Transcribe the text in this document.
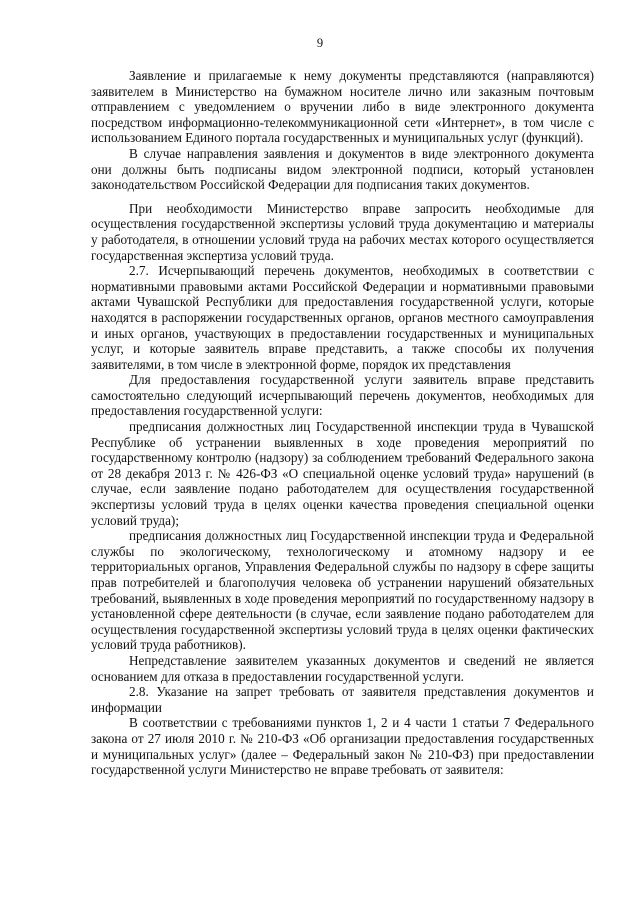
9

Заявление и прилагаемые к нему документы представляются (направляются) заявителем в Министерство на бумажном носителе лично или заказным почтовым отправлением с уведомлением о вручении либо в виде электронного документа посредством информационно-телекоммуникационной сети «Интернет», в том числе с использованием Единого портала государственных и муниципальных услуг (функций).

В случае направления заявления и документов в виде электронного документа они должны быть подписаны видом электронной подписи, который установлен законодательством Российской Федерации для подписания таких документов.

При необходимости Министерство вправе запросить необходимые для осуществления государственной экспертизы условий труда документацию и материалы у работодателя, в отношении условий труда на рабочих местах которого осуществляется государственная экспертиза условий труда.

2.7. Исчерпывающий перечень документов, необходимых в соответствии с нормативными правовыми актами Российской Федерации и нормативными правовыми актами Чувашской Республики для предоставления государственной услуги, которые находятся в распоряжении государственных органов, органов местного самоуправления и иных органов, участвующих в предоставлении государственных и муниципальных услуг, и которые заявитель вправе представить, а также способы их получения заявителями, в том числе в электронной форме, порядок их представления

Для предоставления государственной услуги заявитель вправе представить самостоятельно следующий исчерпывающий перечень документов, необходимых для предоставления государственной услуги:

предписания должностных лиц Государственной инспекции труда в Чувашской Республике об устранении выявленных в ходе проведения мероприятий по государственному контролю (надзору) за соблюдением требований Федерального закона от 28 декабря 2013 г. № 426-ФЗ «О специальной оценке условий труда» нарушений (в случае, если заявление подано работодателем для осуществления государственной экспертизы условий труда в целях оценки качества проведения специальной оценки условий труда);

предписания должностных лиц Государственной инспекции труда и Федеральной службы по экологическому, технологическому и атомному надзору и ее территориальных органов, Управления Федеральной службы по надзору в сфере защиты прав потребителей и благополучия человека об устранении нарушений обязательных требований, выявленных в ходе проведения мероприятий по государственному надзору в установленной сфере деятельности (в случае, если заявление подано работодателем для осуществления государственной экспертизы условий труда в целях оценки фактических условий труда работников).

Непредставление заявителем указанных документов и сведений не является основанием для отказа в предоставлении государственной услуги.

2.8. Указание на запрет требовать от заявителя представления документов и информации

В соответствии с требованиями пунктов 1, 2 и 4 части 1 статьи 7 Федерального закона от 27 июля 2010 г. № 210-ФЗ «Об организации предоставления государственных и муниципальных услуг» (далее – Федеральный закон № 210-ФЗ) при предоставлении государственной услуги Министерство не вправе требовать от заявителя:
